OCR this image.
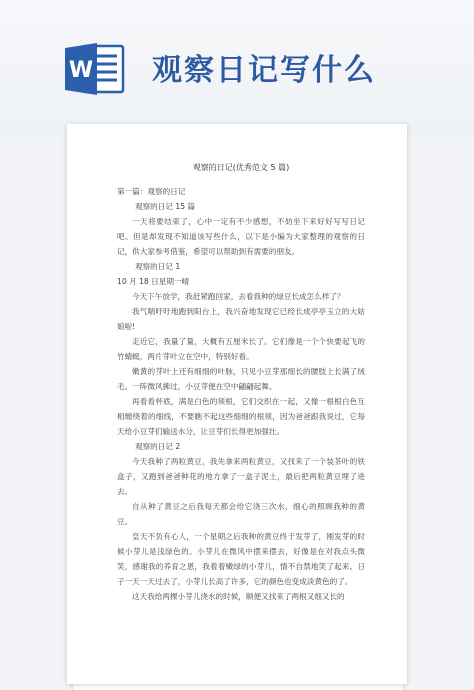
W 观察日记写什么
观察的日记(优秀范文 5 篇)

第一篇：观察的日记

观察的日记 15 篇

一天将要结束了，心中一定有不少感想，不妨坐下来好好写写日记吧。但是却发现不知道该写些什么，以下是小编为大家整理的观察的日记，供大家参考借鉴，希望可以帮助到有需要的朋友。

观察的日记 1

10 月 18 日星期一晴

今天下午放学，我赶紧跑回家，去看我种的绿豆长成怎么样了？

我气喘吁吁地跑到阳台上，我兴奋地发现它已经长成亭亭玉立的大姑娘啦!

走近它，我量了量，大概有五厘米长了。它们像是一个个快要起飞的竹蜻蜓，两片芽叶立在空中，特别好看。

嫩黄的芽叶上还有细细的叶脉，只见小豆芽那细长的腰肢上长满了绒毛。一阵微风拂过，小豆芽便在空中翩翩起舞。

再看看杯底，满是白色的须根，它们交织在一起，又像一根根白色互相缠绕着的细线，不要瞧不起这些细细的根须，因为爸爸跟我说过，它每天给小豆芽们输送水分，让豆芽们长得更加强壮。

观察的日记 2

今天我种了两粒黄豆，我先拿来两粒黄豆，又找来了一个装茶叶的铁盒子，又跑到爸爸种花的地方拿了一盒子泥土，最后把两粒黄豆埋了进去。

自从种了黄豆之后我每天都会给它浇三次水，细心的照顾我种的黄豆。

皇天不负有心人，一个星期之后我种的黄豆终于发芽了，刚发芽的时候小芽儿是浅绿色的。小芽儿在微风中摆来摆去，好像是在对我点头微笑，感谢我的养育之恩，我看着嫩绿的小芽儿，情不自禁地笑了起来。日子一天一天过去了，小芽儿长高了许多，它的颜色也变成淡黄色的了。

这天我给两棵小芽儿浇水的时候，顺便又找来了两根又细又长的
